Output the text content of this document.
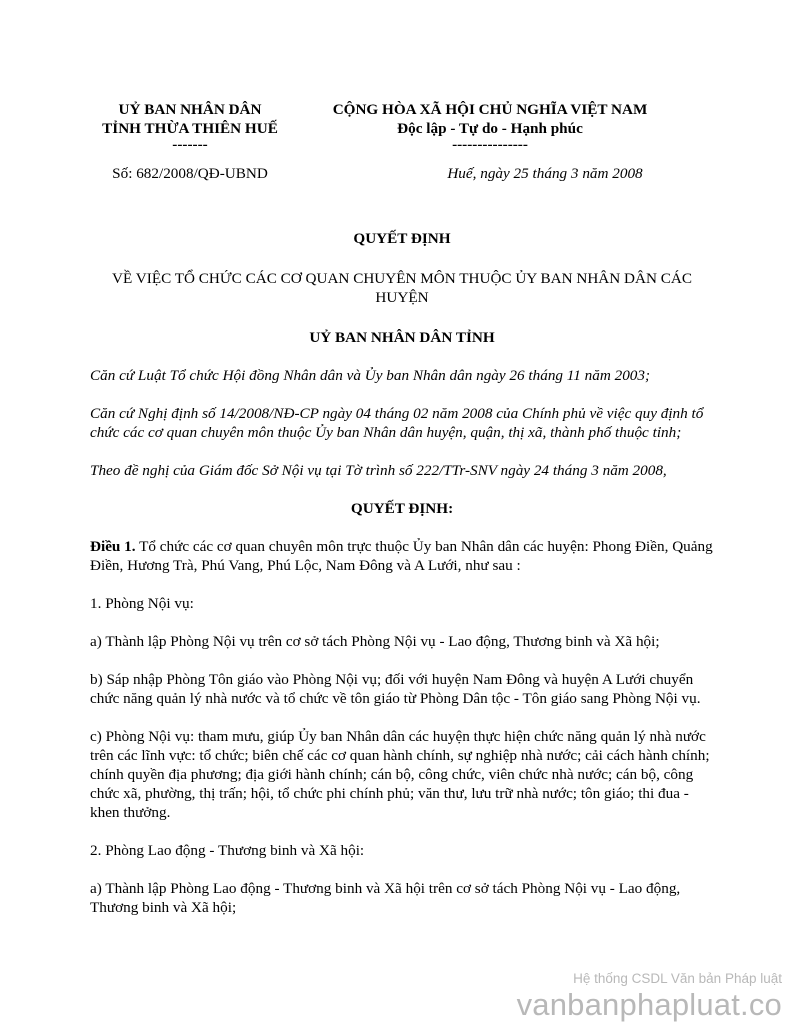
UỶ BAN NHÂN DÂN
TỈNH THỪA THIÊN HUẾ
-------
CỘNG HÒA XÃ HỘI CHỦ NGHĨA VIỆT NAM
Độc lập - Tự do - Hạnh phúc
---------------
Số: 682/2008/QĐ-UBND	Huế, ngày 25 tháng 3 năm 2008

QUYẾT ĐỊNH

VỀ VIỆC TỔ CHỨC CÁC CƠ QUAN CHUYÊN MÔN THUỘC ỦY BAN NHÂN DÂN CÁC HUYỆN

UỶ BAN NHÂN DÂN TỈNH

Căn cứ Luật Tổ chức Hội đồng Nhân dân và Ủy ban Nhân dân ngày 26 tháng 11 năm 2003;

Căn cứ Nghị định số 14/2008/NĐ-CP ngày 04 tháng 02 năm 2008 của Chính phủ về việc quy định tổ chức các cơ quan chuyên môn thuộc Ủy ban Nhân dân huyện, quận, thị xã, thành phố thuộc tỉnh;

Theo đề nghị của Giám đốc Sở Nội vụ tại Tờ trình số 222/TTr-SNV ngày 24 tháng 3 năm 2008,

QUYẾT ĐỊNH:

Điều 1. Tổ chức các cơ quan chuyên môn trực thuộc Ủy ban Nhân dân các huyện: Phong Điền, Quảng Điền, Hương Trà, Phú Vang, Phú Lộc, Nam Đông và A Lưới, như sau :

1. Phòng Nội vụ:

a) Thành lập Phòng Nội vụ trên cơ sở tách Phòng Nội vụ - Lao động, Thương binh và Xã hội;

b) Sáp nhập Phòng Tôn giáo vào Phòng Nội vụ; đối với huyện Nam Đông và huyện A Lưới chuyển chức năng quản lý nhà nước và tổ chức về tôn giáo từ Phòng Dân tộc - Tôn giáo sang Phòng Nội vụ.

c) Phòng Nội vụ: tham mưu, giúp Ủy ban Nhân dân các huyện thực hiện chức năng quản lý nhà nước trên các lĩnh vực: tổ chức; biên chế các cơ quan hành chính, sự nghiệp nhà nước; cải cách hành chính; chính quyền địa phương; địa giới hành chính; cán bộ, công chức, viên chức nhà nước; cán bộ, công chức xã, phường, thị trấn; hội, tổ chức phi chính phủ; văn thư, lưu trữ nhà nước; tôn giáo; thi đua - khen thưởng.

2. Phòng Lao động - Thương binh và Xã hội:

a) Thành lập Phòng Lao động - Thương binh và Xã hội trên cơ sở tách Phòng Nội vụ - Lao động, Thương binh và Xã hội;

Hệ thống CSDL Văn bản Pháp luật
vanbanphapluat.co
